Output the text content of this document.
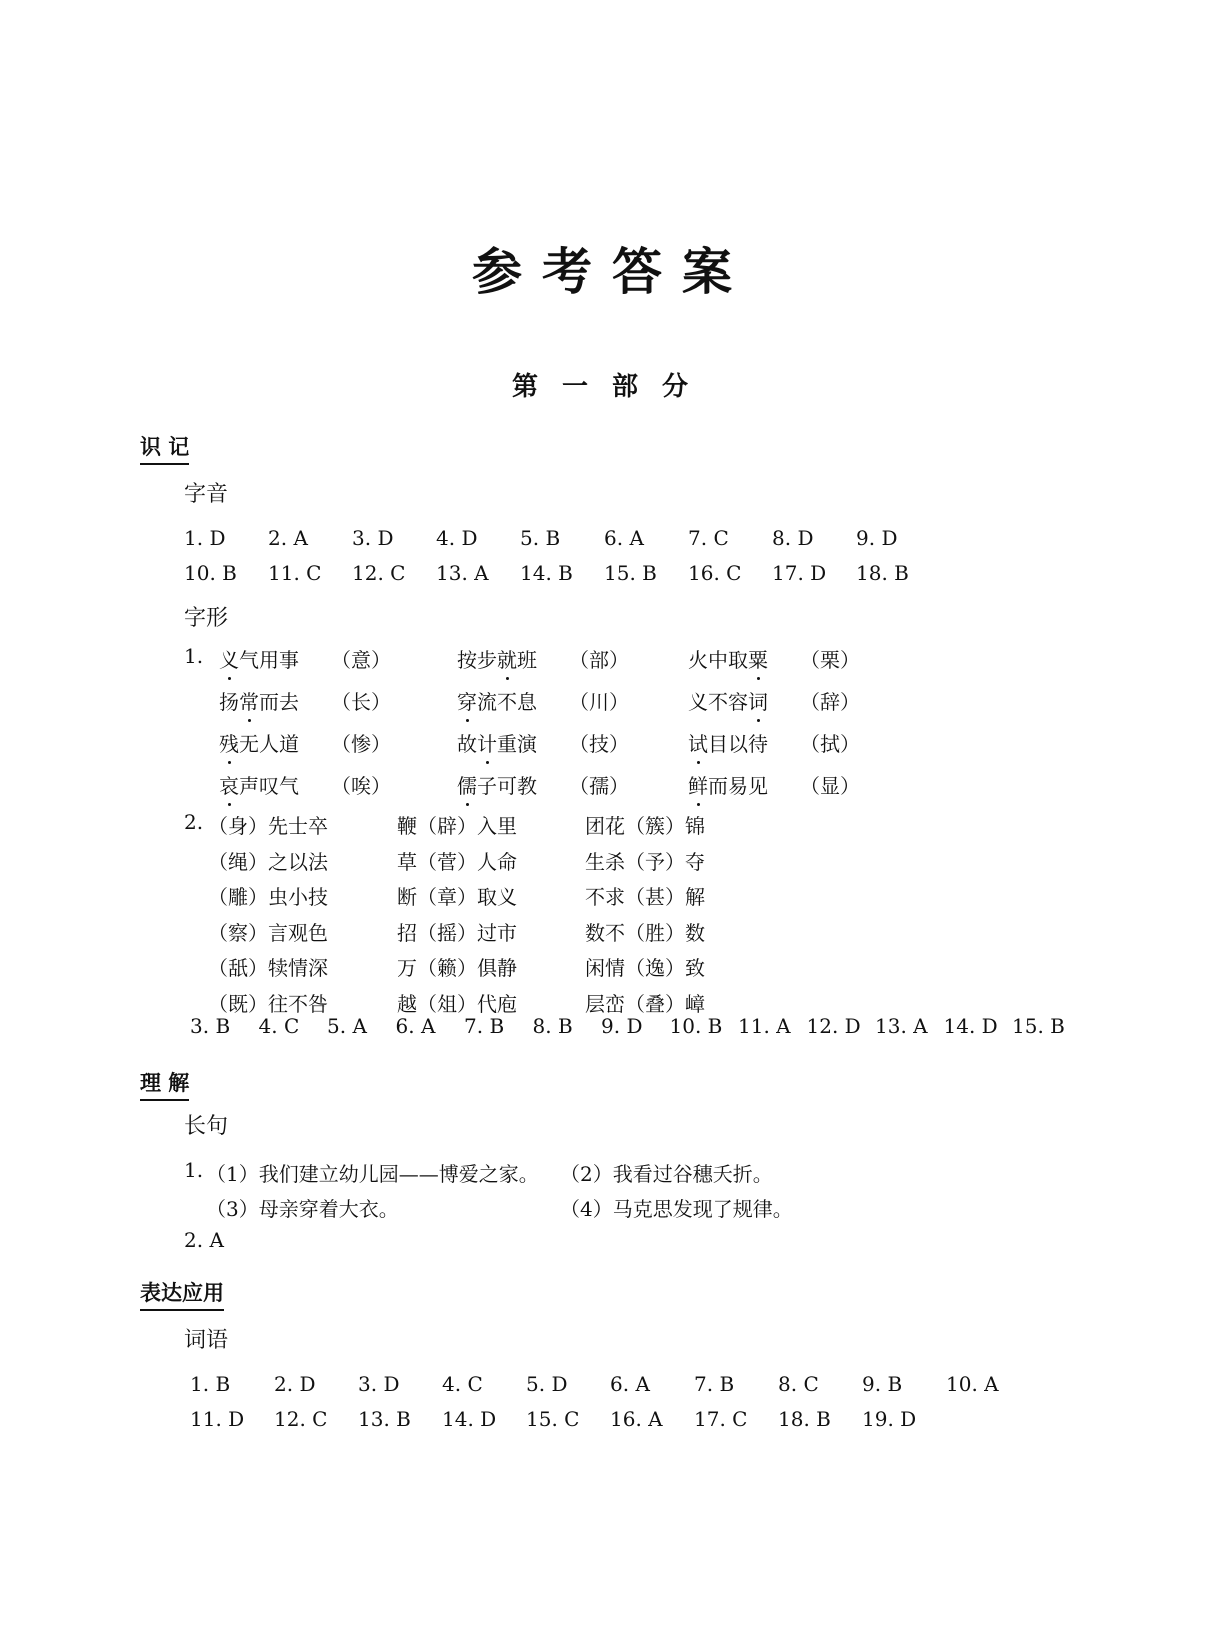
参考答案
第一部分
识 记
字音
1. D 2. A 3. D 4. D 5. B 6. A 7. C 8. D 9. D
10. B 11. C 12. C 13. A 14. B 15. B 16. C 17. D 18. B
字形
1. 义气用事 （意）	按步就班 （部）	火中取粟 （栗）
扬常而去 （长）	穿流不息 （川）	义不容词 （辞）
残无人道 （惨）	故计重演 （技）	试目以待 （拭）
哀声叹气 （唉）	儒子可教 （孺）	鲜而易见 （显）
2. （身）先士卒	鞭（辟）入里	团花（簇）锦
（绳）之以法	草（菅）人命	生杀（予）夺
（雕）虫小技	断（章）取义	不求（甚）解
（察）言观色	招（摇）过市	数不（胜）数
（舐）犊情深	万（籁）俱静	闲情（逸）致
（既）往不咎	越（俎）代庖	层峦（叠）嶂
3. B 4. C 5. A 6. A 7. B 8. B 9. D 10. B 11. A 12. D 13. A 14. D 15. B
理 解
长句
1. （1）我们建立幼儿园——博爱之家。 （2）我看过谷穗夭折。
（3）母亲穿着大衣。	（4）马克思发现了规律。
2. A
表达应用
词语
1. B 2. D 3. D 4. C 5. D 6. A 7. B 8. C 9. B 10. A
11. D 12. C 13. B 14. D 15. C 16. A 17. C 18. B 19. D
